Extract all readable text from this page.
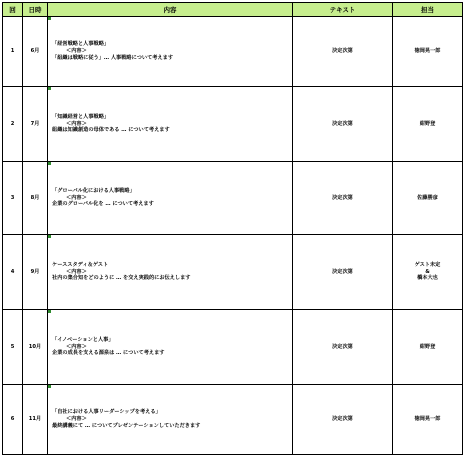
回	日時	内容	テキスト	担当
1	6月	「経営戦略と人事戦略」
＜内容＞
「組織は戦略に従う」… 人事戦略について考えます	決定次第	徳岡晃一郎
2	7月	「知識経営と人事戦略」
＜内容＞
組織は知識創造の母体である … について考えます	決定次第	紺野登
3	8月	「グローバル化における人事戦略」
＜内容＞
企業のグローバル化を … について考えます	決定次第	佐藤勝彦
4	9月	ケーススタディ＆ゲスト
＜内容＞
社内の集合知をどのように … を交え実践的にお伝えします	決定次第	ゲスト未定
&
橋本大也
5	10月	「イノベーションと人事」
＜内容＞
企業の成長を支える源泉は … について考えます	決定次第	紺野登
6	11月	「自社における人事リーダーシップを考える」
＜内容＞
最終講義にて … についてプレゼンテーションしていただきます	決定次第	徳岡晃一郎
